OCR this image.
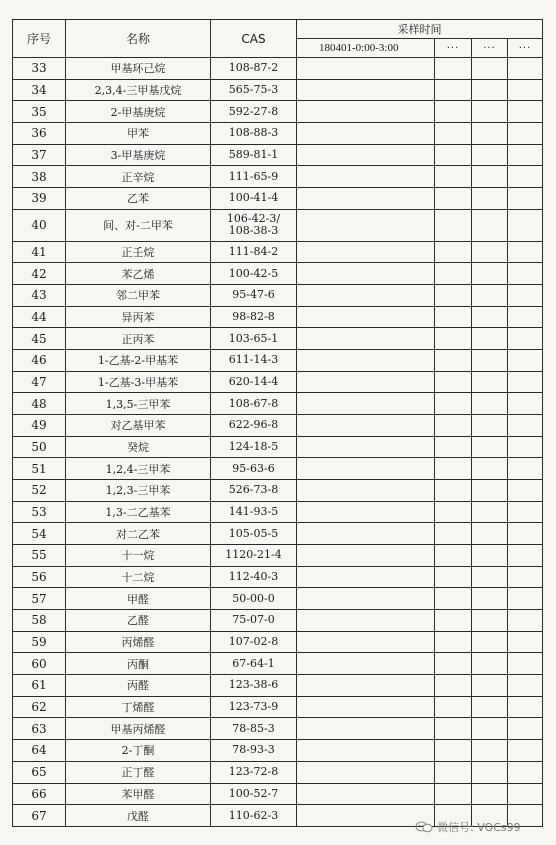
序号	名称	CAS	采样时间			
			180401-0:00-3:00	···	···	···
33	甲基环己烷	108-87-2				

34	2,3,4-三甲基戊烷	565-75-3				

35	2-甲基庚烷	592-27-8				

36	甲苯	108-88-3				

37	3-甲基庚烷	589-81-1				

38	正辛烷	111-65-9				

39	乙苯	100-41-4				

40	间、对-二甲苯	106-42-3/
108-38-3				

41	正壬烷	111-84-2				

42	苯乙烯	100-42-5				

43	邻二甲苯	95-47-6				

44	异丙苯	98-82-8				

45	正丙苯	103-65-1				

46	1-乙基-2-甲基苯	611-14-3				

47	1-乙基-3-甲基苯	620-14-4				

48	1,3,5-三甲苯	108-67-8				

49	对乙基甲苯	622-96-8				

50	癸烷	124-18-5				

51	1,2,4-三甲苯	95-63-6				

52	1,2,3-三甲苯	526-73-8				

53	1,3-二乙基苯	141-93-5				

54	对二乙苯	105-05-5				

55	十一烷	1120-21-4				

56	十二烷	112-40-3				

57	甲醛	50-00-0				

58	乙醛	75-07-0				

59	丙烯醛	107-02-8				

60	丙酮	67-64-1				

61	丙醛	123-38-6				

62	丁烯醛	123-73-9				

63	甲基丙烯醛	78-85-3				

64	2-丁酮	78-93-3				

65	正丁醛	123-72-8				

66	苯甲醛	100-52-7				

67	戊醛	110-62-3				

微信号: VOCs99
